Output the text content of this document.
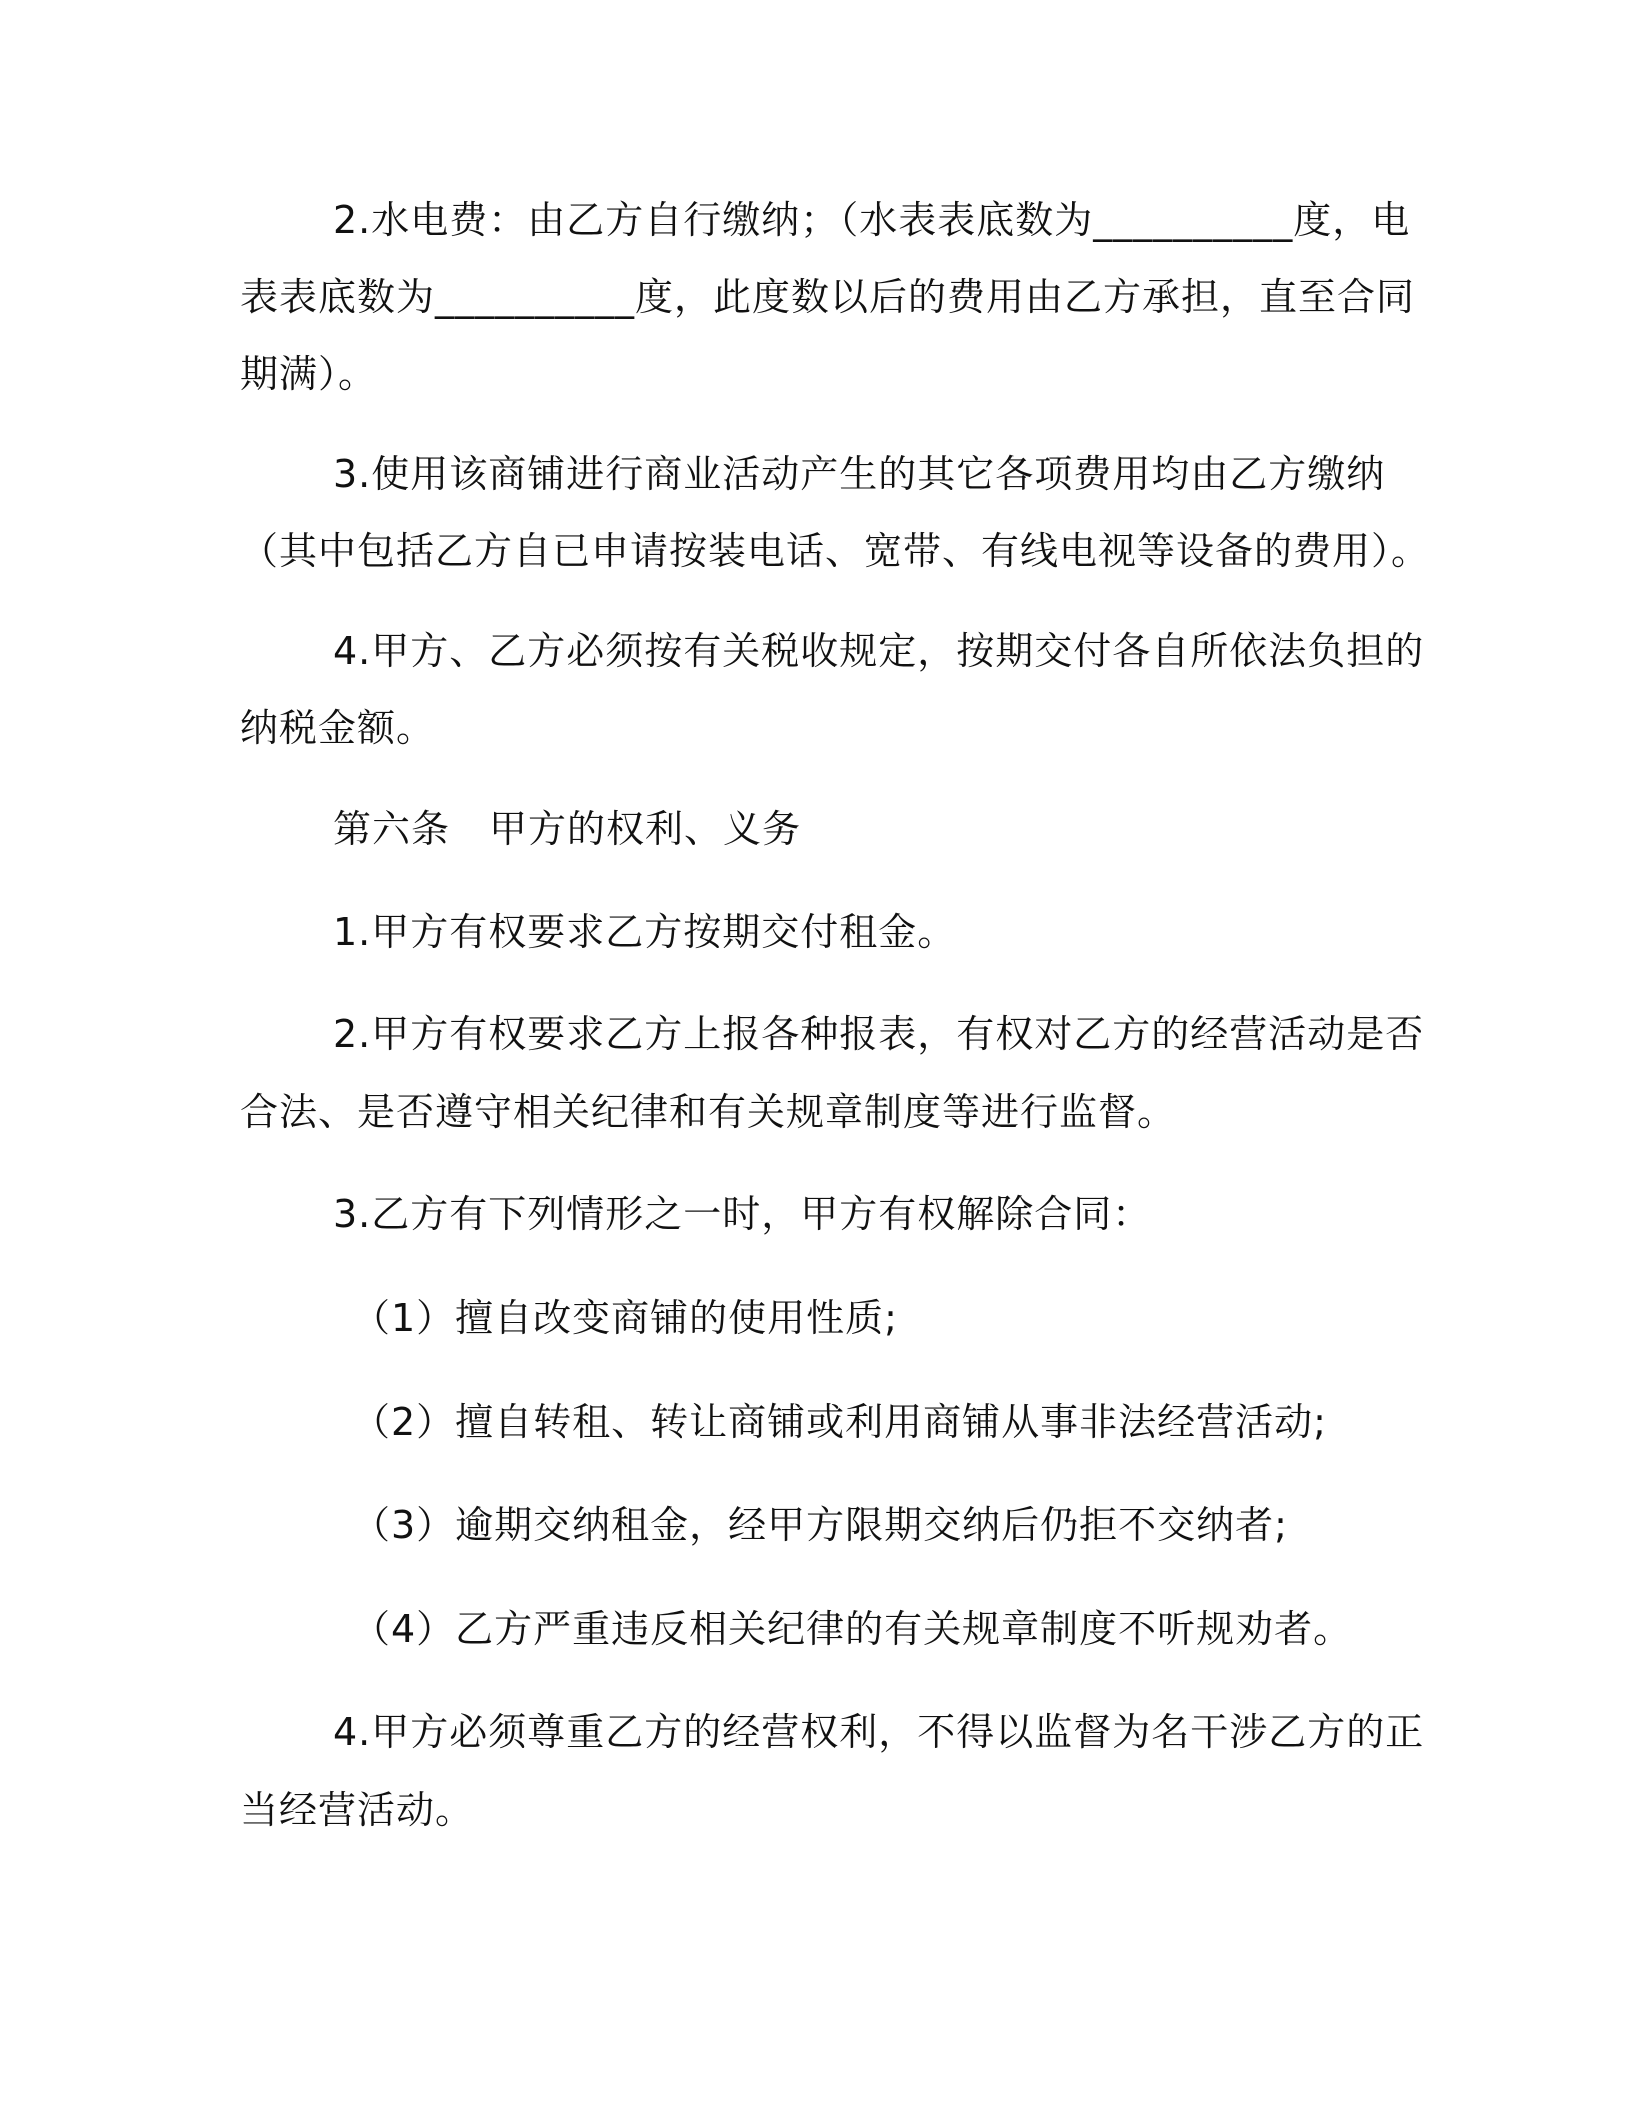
2.水电费：由乙方自行缴纳；（水表表底数为__________度，电
表表底数为__________度，此度数以后的费用由乙方承担，直至合同
期满）。
3.使用该商铺进行商业活动产生的其它各项费用均由乙方缴纳
（其中包括乙方自已申请按装电话、宽带、有线电视等设备的费用）。
4.甲方、乙方必须按有关税收规定，按期交付各自所依法负担的
纳税金额。
第六条　甲方的权利、义务
1.甲方有权要求乙方按期交付租金。
2.甲方有权要求乙方上报各种报表，有权对乙方的经营活动是否
合法、是否遵守相关纪律和有关规章制度等进行监督。
3.乙方有下列情形之一时，甲方有权解除合同：
（1）擅自改变商铺的使用性质;
（2）擅自转租、转让商铺或利用商铺从事非法经营活动;
（3）逾期交纳租金，经甲方限期交纳后仍拒不交纳者;
（4）乙方严重违反相关纪律的有关规章制度不听规劝者。
4.甲方必须尊重乙方的经营权利，不得以监督为名干涉乙方的正
当经营活动。
